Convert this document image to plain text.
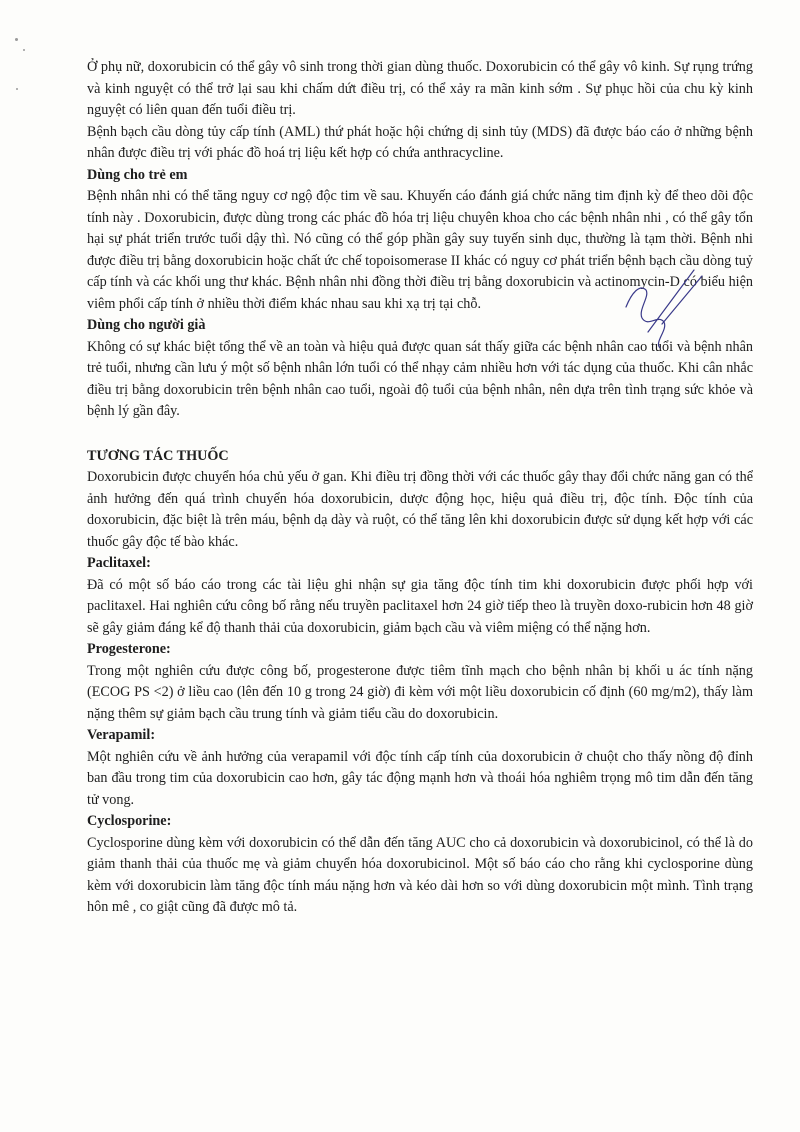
Ở phụ nữ, doxorubicin có thể gây vô sinh trong thời gian dùng thuốc. Doxorubicin có thể gây vô kinh. Sự rụng trứng và kinh nguyệt có thể trở lại sau khi chấm dứt điều trị, có thể xảy ra mãn kinh sớm . Sự phục hồi của chu kỳ kinh nguyệt có liên quan đến tuổi điều trị.

Bệnh bạch cầu dòng tủy cấp tính (AML) thứ phát hoặc hội chứng dị sinh tủy (MDS) đã được báo cáo ở những bệnh nhân được điều trị với phác đồ hoá trị liệu kết hợp có chứa anthracycline.

Dùng cho trẻ em

Bệnh nhân nhi có thể tăng nguy cơ ngộ độc tim về sau. Khuyến cáo đánh giá chức năng tim định kỳ để theo dõi độc tính này . Doxorubicin, được dùng trong các phác đồ hóa trị liệu chuyên khoa cho các bệnh nhân nhi , có thể gây tổn hại sự phát triển trước tuổi dậy thì. Nó cũng có thể góp phần gây suy tuyến sinh dục, thường là tạm thời. Bệnh nhi được điều trị bằng doxorubicin hoặc chất ức chế topoisomerase II khác có nguy cơ phát triển bệnh bạch cầu dòng tuỷ cấp tính và các khối ung thư khác. Bệnh nhân nhi đồng thời điều trị bằng doxorubicin và actinomycin-D có biểu hiện viêm phổi cấp tính ở nhiều thời điểm khác nhau sau khi xạ trị tại chỗ.

Dùng cho người già

Không có sự khác biệt tổng thể về an toàn và hiệu quả được quan sát thấy giữa các bệnh nhân cao tuổi và bệnh nhân trẻ tuổi, nhưng cần lưu ý một số bệnh nhân lớn tuổi có thể nhạy cảm nhiều hơn với tác dụng của thuốc. Khi cân nhắc điều trị bằng doxorubicin trên bệnh nhân cao tuổi, ngoài độ tuổi của bệnh nhân, nên dựa trên tình trạng sức khỏe và bệnh lý gần đây.

TƯƠNG TÁC THUỐC

Doxorubicin được chuyển hóa chủ yếu ở gan. Khi điều trị đồng thời với các thuốc gây thay đổi chức năng gan có thể ảnh hưởng đến quá trình chuyển hóa doxorubicin, dược động học, hiệu quả điều trị, độc tính. Độc tính của doxorubicin, đặc biệt là trên máu, bệnh dạ dày và ruột, có thể tăng lên khi doxorubicin được sử dụng kết hợp với các thuốc gây độc tế bào khác.

Paclitaxel:

Đã có một số báo cáo trong các tài liệu ghi nhận sự gia tăng độc tính tim khi doxorubicin được phối hợp với paclitaxel. Hai nghiên cứu công bố rằng nếu truyền paclitaxel hơn 24 giờ tiếp theo là truyền doxo-rubicin hơn 48 giờ sẽ gây giảm đáng kể độ thanh thải của doxorubicin, giảm bạch cầu và viêm miệng có thể nặng hơn.

Progesterone:

Trong một nghiên cứu được công bố, progesterone được tiêm tĩnh mạch cho bệnh nhân bị khối u ác tính nặng (ECOG PS <2) ở liều cao (lên đến 10 g trong 24 giờ) đi kèm với một liều doxorubicin cố định (60 mg/m2), thấy làm nặng thêm sự giảm bạch cầu trung tính và giảm tiểu cầu do doxorubicin.

Verapamil:

Một nghiên cứu về ảnh hưởng của verapamil với độc tính cấp tính của doxorubicin ở chuột cho thấy nồng độ đỉnh ban đầu trong tim của doxorubicin cao hơn, gây tác động mạnh hơn và thoái hóa nghiêm trọng mô tim dẫn đến tăng tử vong.

Cyclosporine:

Cyclosporine dùng kèm với doxorubicin có thể dẫn đến tăng AUC cho cả doxorubicin và doxorubicinol, có thể là do giảm thanh thải của thuốc mẹ và giảm chuyển hóa doxorubicinol. Một số báo cáo cho rằng khi cyclosporine dùng kèm với doxorubicin làm tăng độc tính máu nặng hơn và kéo dài hơn so với dùng doxorubicin một mình. Tình trạng hôn mê , co giật cũng đã được mô tả.
